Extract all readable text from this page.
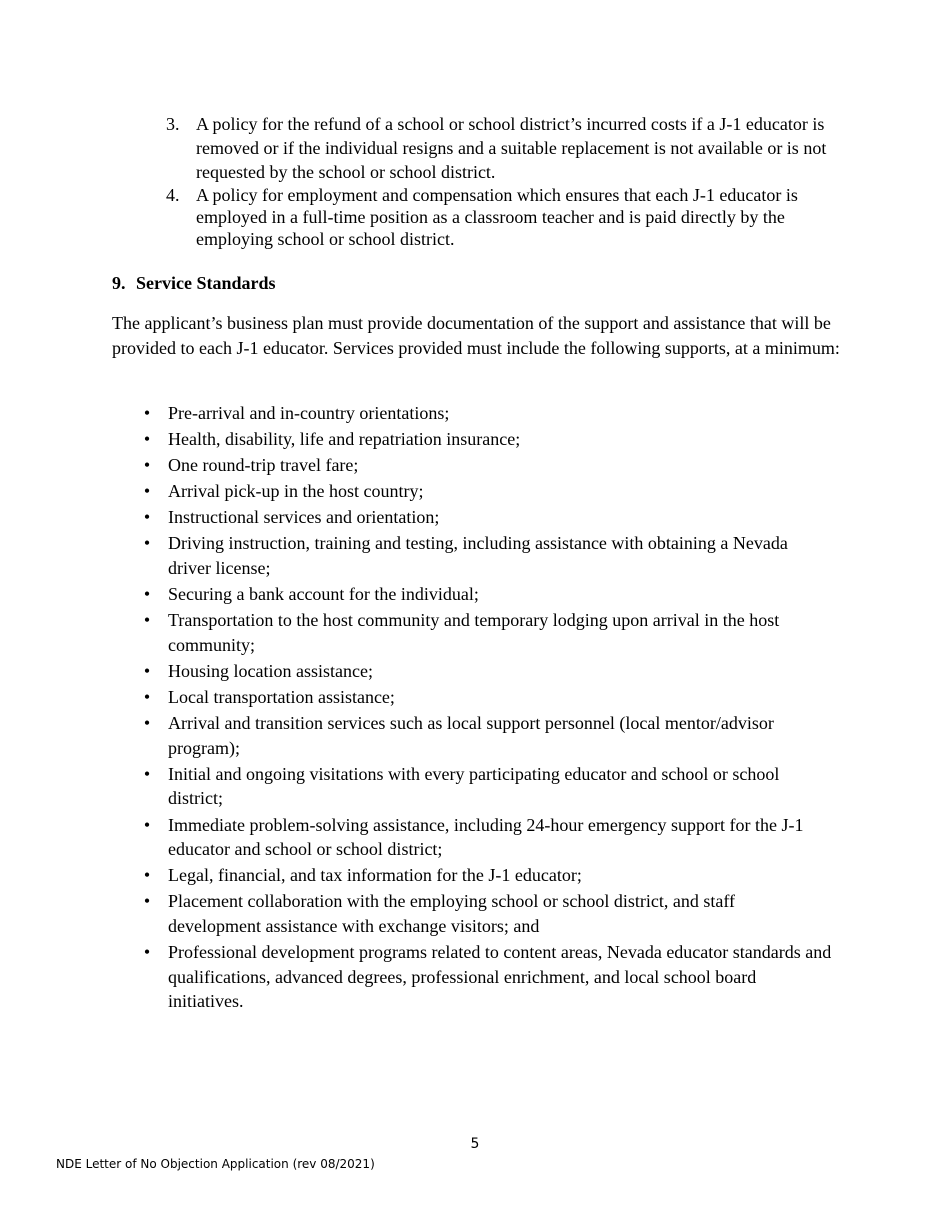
3. A policy for the refund of a school or school district’s incurred costs if a J-1 educator is removed or if the individual resigns and a suitable replacement is not available or is not requested by the school or school district.
4. A policy for employment and compensation which ensures that each J-1 educator is employed in a full-time position as a classroom teacher and is paid directly by the employing school or school district.
9. Service Standards

The applicant’s business plan must provide documentation of the support and assistance that will be provided to each J-1 educator. Services provided must include the following supports, at a minimum:

• Pre-arrival and in-country orientations;
• Health, disability, life and repatriation insurance;
• One round-trip travel fare;
• Arrival pick-up in the host country;
• Instructional services and orientation;
• Driving instruction, training and testing, including assistance with obtaining a Nevada driver license;
• Securing a bank account for the individual;
• Transportation to the host community and temporary lodging upon arrival in the host community;
• Housing location assistance;
• Local transportation assistance;
• Arrival and transition services such as local support personnel (local mentor/advisor program);
• Initial and ongoing visitations with every participating educator and school or school district;
• Immediate problem-solving assistance, including 24-hour emergency support for the J-1 educator and school or school district;
• Legal, financial, and tax information for the J-1 educator;
• Placement collaboration with the employing school or school district, and staff development assistance with exchange visitors; and
• Professional development programs related to content areas, Nevada educator standards and qualifications, advanced degrees, professional enrichment, and local school board initiatives.
5
NDE Letter of No Objection Application (rev 08/2021)
